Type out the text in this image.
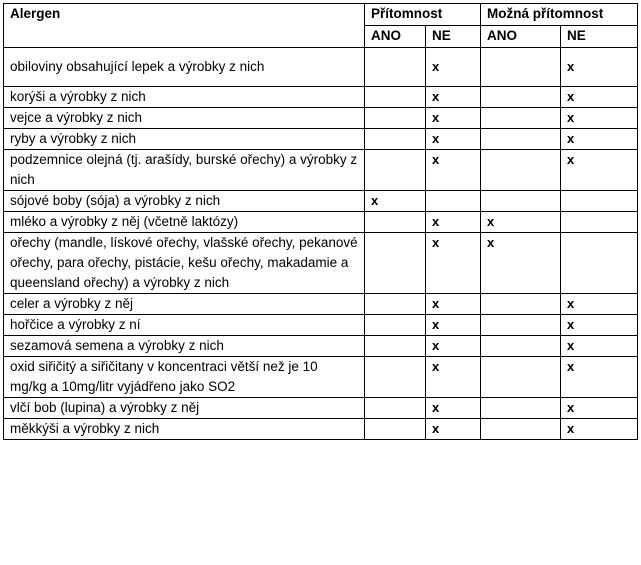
Alergen	Přítomnost		Možná přítomnost	
	ANO	NE	ANO	NE
obiloviny obsahující lepek a výrobky z nich		x		x
korýši a výrobky z nich		x		x
vejce a výrobky z nich		x		x
ryby a výrobky z nich		x		x
podzemnice olejná (tj. arašídy, burské ořechy) a výrobky z nich		x		x
sójové boby (sója) a výrobky z nich	x			
mléko a výrobky z něj (včetně laktózy)		x	x	
ořechy (mandle, lískové ořechy, vlašské ořechy, pekanové ořechy, para ořechy, pistácie, kešu ořechy, makadamie a queensland ořechy) a výrobky z nich		x	x	
celer a výrobky z něj		x		x
hořčice a výrobky z ní		x		x
sezamová semena a výrobky z nich		x		x
oxid siřičitý a siřičitany v koncentraci větší než je 10 mg/kg a 10mg/litr vyjádřeno jako SO2		x		x
vlčí bob (lupina) a výrobky z něj		x		x
měkkýši a výrobky z nich		x		x
